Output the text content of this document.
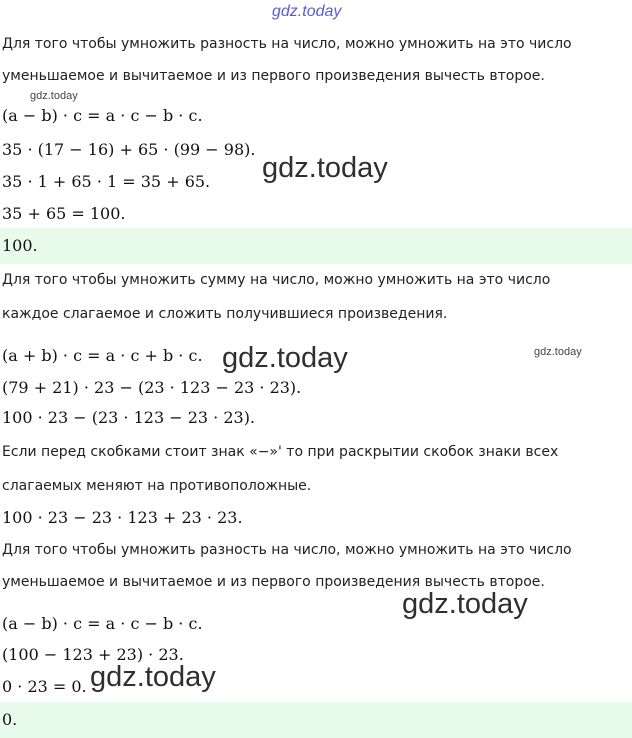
gdz.today
Для того чтобы умножить разность на число, можно умножить на это число
уменьшаемое и вычитаемое и из первого произведения вычесть второе.
gdz.today
(a − b) · c = a · c − b · c.
35 · (17 − 16) + 65 · (99 − 98).
gdz.today
35 · 1 + 65 · 1 = 35 + 65.
35 + 65 = 100.
100.
Для того чтобы умножить сумму на число, можно умножить на это число
каждое слагаемое и сложить получившиеся произведения.
(a + b) · c = a · c + b · c. gdz.today	gdz.today
(79 + 21) · 23 − (23 · 123 − 23 · 23).
100 · 23 − (23 · 123 − 23 · 23).
Если перед скобками стоит знак «−»' то при раскрытии скобок знаки всех
слагаемых меняют на противоположные.
100 · 23 − 23 · 123 + 23 · 23.
Для того чтобы умножить разность на число, можно умножить на это число
уменьшаемое и вычитаемое и из первого произведения вычесть второе.
gdz.today
(a − b) · c = a · c − b · c.
(100 − 123 + 23) · 23.
0 · 23 = 0. gdz.today
0.
